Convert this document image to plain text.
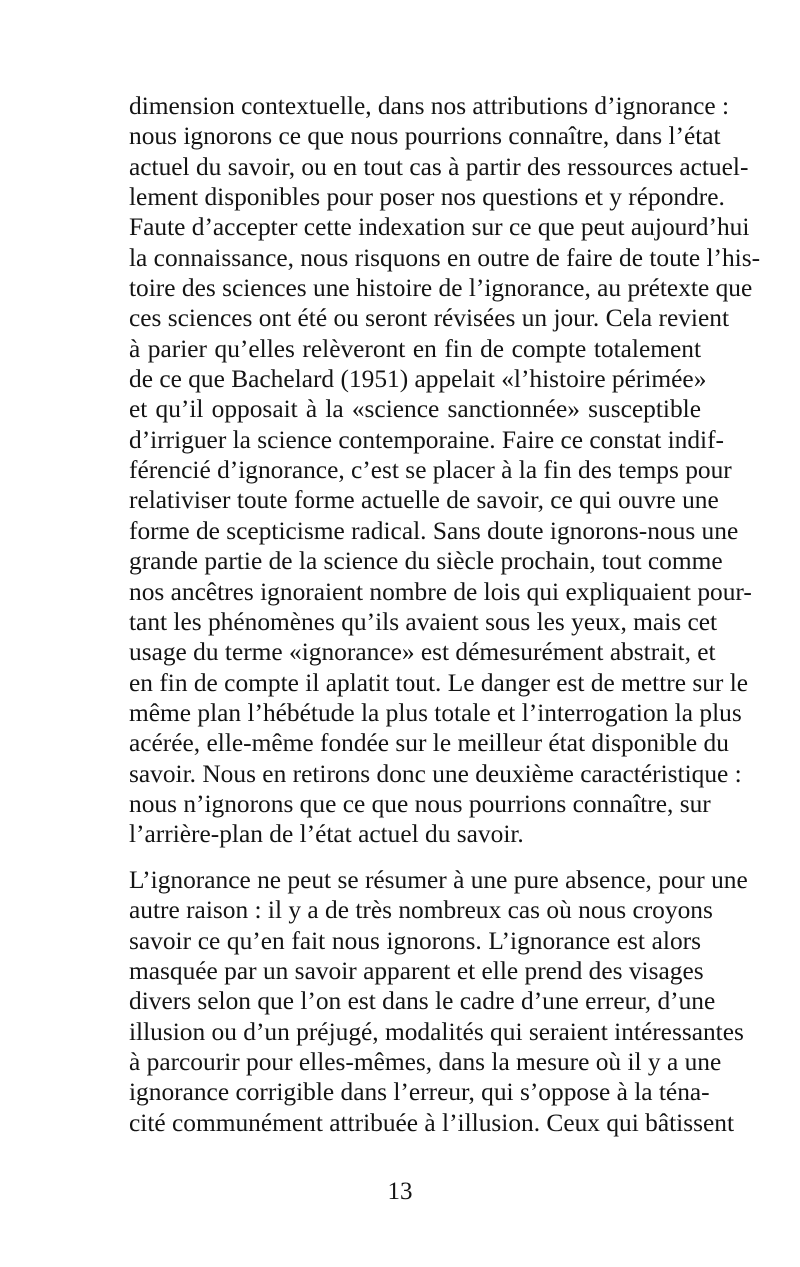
dimension contextuelle, dans nos attributions d’ignorance :
nous ignorons ce que nous pourrions connaître, dans l’état
actuel du savoir, ou en tout cas à partir des ressources actuel-
lement disponibles pour poser nos questions et y répondre.
Faute d’accepter cette indexation sur ce que peut aujourd’hui
la connaissance, nous risquons en outre de faire de toute l’his-
toire des sciences une histoire de l’ignorance, au prétexte que
ces sciences ont été ou seront révisées un jour. Cela revient
à parier qu’elles relèveront en fin de compte totalement
de ce que Bachelard (1951) appelait «l’histoire périmée»
et qu’il opposait à la «science sanctionnée» susceptible
d’irriguer la science contemporaine. Faire ce constat indif-
férencié d’ignorance, c’est se placer à la fin des temps pour
relativiser toute forme actuelle de savoir, ce qui ouvre une
forme de scepticisme radical. Sans doute ignorons-nous une
grande partie de la science du siècle prochain, tout comme
nos ancêtres ignoraient nombre de lois qui expliquaient pour-
tant les phénomènes qu’ils avaient sous les yeux, mais cet
usage du terme «ignorance» est démesurément abstrait, et
en fin de compte il aplatit tout. Le danger est de mettre sur le
même plan l’hébétude la plus totale et l’interrogation la plus
acérée, elle-même fondée sur le meilleur état disponible du
savoir. Nous en retirons donc une deuxième caractéristique :
nous n’ignorons que ce que nous pourrions connaître, sur
l’arrière-plan de l’état actuel du savoir.
L’ignorance ne peut se résumer à une pure absence, pour une
autre raison : il y a de très nombreux cas où nous croyons
savoir ce qu’en fait nous ignorons. L’ignorance est alors
masquée par un savoir apparent et elle prend des visages
divers selon que l’on est dans le cadre d’une erreur, d’une
illusion ou d’un préjugé, modalités qui seraient intéressantes
à parcourir pour elles-mêmes, dans la mesure où il y a une
ignorance corrigible dans l’erreur, qui s’oppose à la téna-
cité communément attribuée à l’illusion. Ceux qui bâtissent
13
